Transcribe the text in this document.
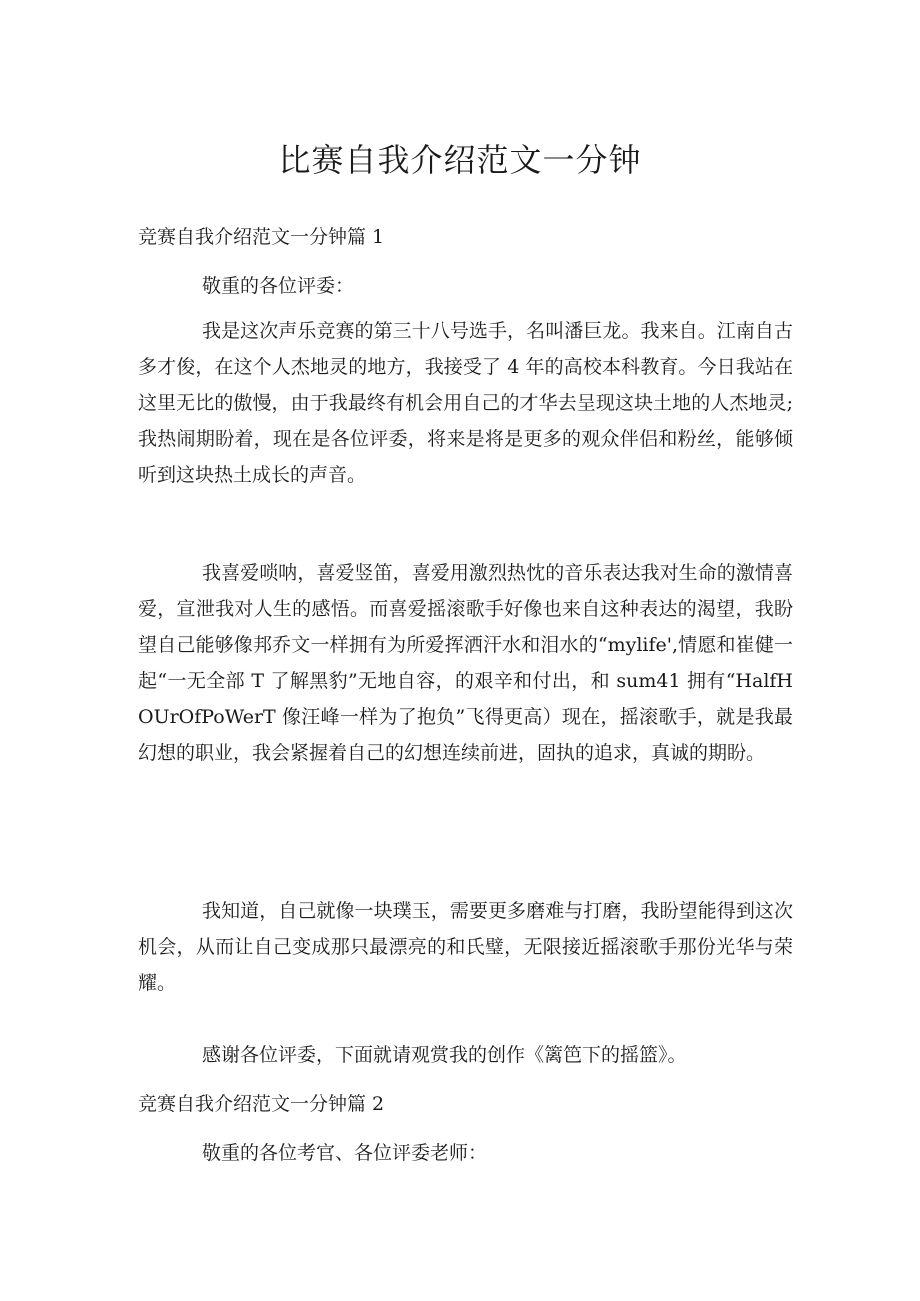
比赛自我介绍范文一分钟
竞赛自我介绍范文一分钟篇 1

敬重的各位评委：

我是这次声乐竞赛的第三十八号选手，名叫潘巨龙。我来自。江南自古多才俊，在这个人杰地灵的地方，我接受了 4 年的高校本科教育。今日我站在这里无比的傲慢，由于我最终有机会用自己的才华去呈现这块土地的人杰地灵;我热闹期盼着，现在是各位评委，将来是将是更多的观众伴侣和粉丝，能够倾听到这块热土成长的声音。

我喜爱唢呐，喜爱竖笛，喜爱用激烈热忱的音乐表达我对生命的激情喜爱，宣泄我对人生的感悟。而喜爱摇滚歌手好像也来自这种表达的渴望，我盼望自己能够像邦乔文一样拥有为所爱挥洒汗水和泪水的“mylife',情愿和崔健一起“一无全部 T 了解黑豹”无地自容，的艰辛和付出，和 sum41 拥有“HalfHOUrOfPoWerT 像汪峰一样为了抱负”飞得更高）现在，摇滚歌手，就是我最幻想的职业，我会紧握着自己的幻想连续前进，固执的追求，真诚的期盼。

我知道，自己就像一块璞玉，需要更多磨难与打磨，我盼望能得到这次机会，从而让自己变成那只最漂亮的和氏璧，无限接近摇滚歌手那份光华与荣耀。

感谢各位评委，下面就请观赏我的创作《篱笆下的摇篮》。

竞赛自我介绍范文一分钟篇 2

敬重的各位考官、各位评委老师：
